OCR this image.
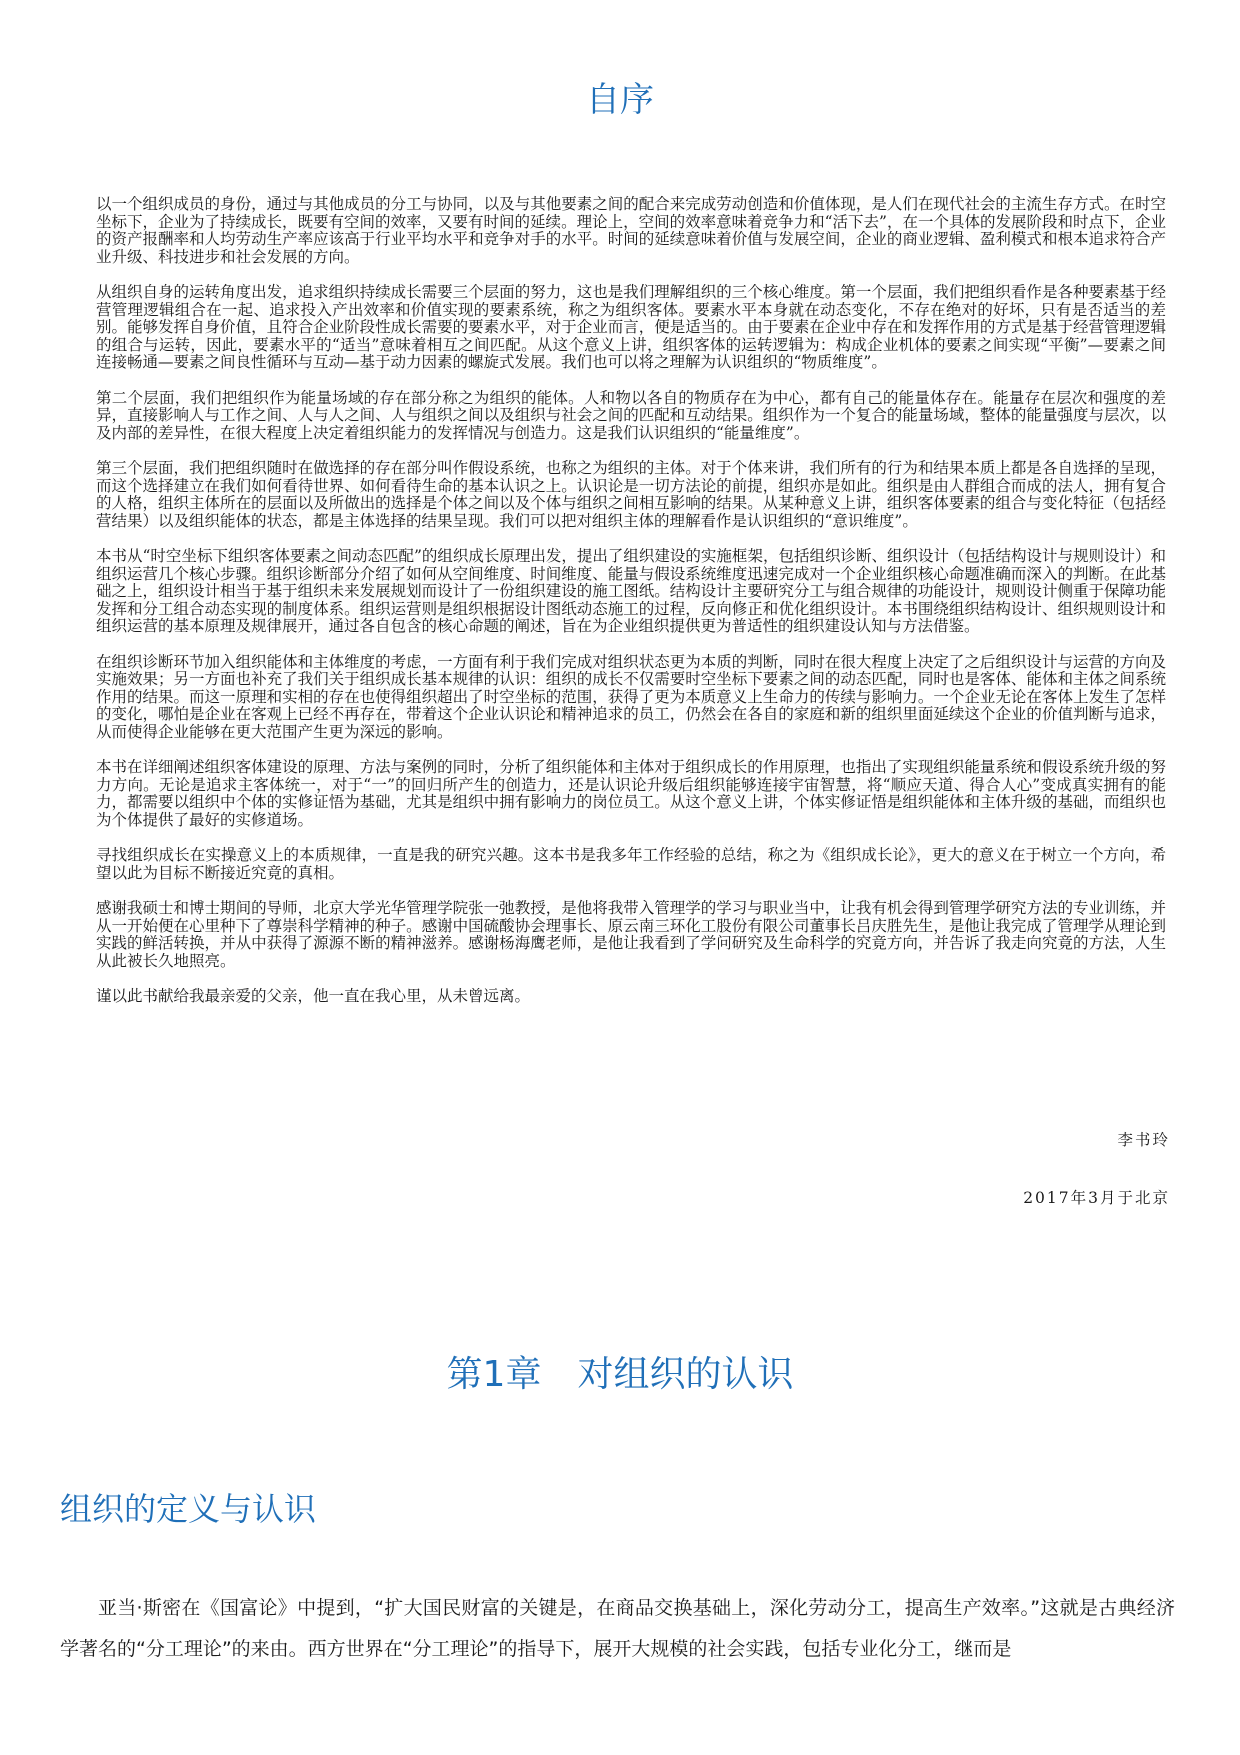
自序

以一个组织成员的身份，通过与其他成员的分工与协同，以及与其他要素之间的配合来完成劳动创造和价值体现，是人们在现代社会的主流生存方式。在时空坐标下，企业为了持续成长，既要有空间的效率，又要有时间的延续。理论上，空间的效率意味着竞争力和“活下去”，在一个具体的发展阶段和时点下，企业的资产报酬率和人均劳动生产率应该高于行业平均水平和竞争对手的水平。时间的延续意味着价值与发展空间，企业的商业逻辑、盈利模式和根本追求符合产业升级、科技进步和社会发展的方向。

从组织自身的运转角度出发，追求组织持续成长需要三个层面的努力，这也是我们理解组织的三个核心维度。第一个层面，我们把组织看作是各种要素基于经营管理逻辑组合在一起、追求投入产出效率和价值实现的要素系统，称之为组织客体。要素水平本身就在动态变化，不存在绝对的好坏，只有是否适当的差别。能够发挥自身价值，且符合企业阶段性成长需要的要素水平，对于企业而言，便是适当的。由于要素在企业中存在和发挥作用的方式是基于经营管理逻辑的组合与运转，因此，要素水平的“适当”意味着相互之间匹配。从这个意义上讲，组织客体的运转逻辑为：构成企业机体的要素之间实现“平衡”—要素之间连接畅通—要素之间良性循环与互动—基于动力因素的螺旋式发展。我们也可以将之理解为认识组织的“物质维度”。

第二个层面，我们把组织作为能量场域的存在部分称之为组织的能体。人和物以各自的物质存在为中心，都有自己的能量体存在。能量存在层次和强度的差异，直接影响人与工作之间、人与人之间、人与组织之间以及组织与社会之间的匹配和互动结果。组织作为一个复合的能量场域，整体的能量强度与层次，以及内部的差异性，在很大程度上决定着组织能力的发挥情况与创造力。这是我们认识组织的“能量维度”。

第三个层面，我们把组织随时在做选择的存在部分叫作假设系统，也称之为组织的主体。对于个体来讲，我们所有的行为和结果本质上都是各自选择的呈现，而这个选择建立在我们如何看待世界、如何看待生命的基本认识之上。认识论是一切方法论的前提，组织亦是如此。组织是由人群组合而成的法人，拥有复合的人格，组织主体所在的层面以及所做出的选择是个体之间以及个体与组织之间相互影响的结果。从某种意义上讲，组织客体要素的组合与变化特征（包括经营结果）以及组织能体的状态，都是主体选择的结果呈现。我们可以把对组织主体的理解看作是认识组织的“意识维度”。

本书从“时空坐标下组织客体要素之间动态匹配”的组织成长原理出发，提出了组织建设的实施框架，包括组织诊断、组织设计（包括结构设计与规则设计）和组织运营几个核心步骤。组织诊断部分介绍了如何从空间维度、时间维度、能量与假设系统维度迅速完成对一个企业组织核心命题准确而深入的判断。在此基础之上，组织设计相当于基于组织未来发展规划而设计了一份组织建设的施工图纸。结构设计主要研究分工与组合规律的功能设计，规则设计侧重于保障功能发挥和分工组合动态实现的制度体系。组织运营则是组织根据设计图纸动态施工的过程，反向修正和优化组织设计。本书围绕组织结构设计、组织规则设计和组织运营的基本原理及规律展开，通过各自包含的核心命题的阐述，旨在为企业组织提供更为普适性的组织建设认知与方法借鉴。

在组织诊断环节加入组织能体和主体维度的考虑，一方面有利于我们完成对组织状态更为本质的判断，同时在很大程度上决定了之后组织设计与运营的方向及实施效果；另一方面也补充了我们关于组织成长基本规律的认识：组织的成长不仅需要时空坐标下要素之间的动态匹配，同时也是客体、能体和主体之间系统作用的结果。而这一原理和实相的存在也使得组织超出了时空坐标的范围，获得了更为本质意义上生命力的传续与影响力。一个企业无论在客体上发生了怎样的变化，哪怕是企业在客观上已经不再存在，带着这个企业认识论和精神追求的员工，仍然会在各自的家庭和新的组织里面延续这个企业的价值判断与追求，从而使得企业能够在更大范围产生更为深远的影响。

本书在详细阐述组织客体建设的原理、方法与案例的同时，分析了组织能体和主体对于组织成长的作用原理，也指出了实现组织能量系统和假设系统升级的努力方向。无论是追求主客体统一，对于“一”的回归所产生的创造力，还是认识论升级后组织能够连接宇宙智慧，将“顺应天道、得合人心”变成真实拥有的能力，都需要以组织中个体的实修证悟为基础，尤其是组织中拥有影响力的岗位员工。从这个意义上讲，个体实修证悟是组织能体和主体升级的基础，而组织也为个体提供了最好的实修道场。

寻找组织成长在实操意义上的本质规律，一直是我的研究兴趣。这本书是我多年工作经验的总结，称之为《组织成长论》，更大的意义在于树立一个方向，希望以此为目标不断接近究竟的真相。

感谢我硕士和博士期间的导师，北京大学光华管理学院张一弛教授，是他将我带入管理学的学习与职业当中，让我有机会得到管理学研究方法的专业训练，并从一开始便在心里种下了尊崇科学精神的种子。感谢中国硫酸协会理事长、原云南三环化工股份有限公司董事长吕庆胜先生，是他让我完成了管理学从理论到实践的鲜活转换，并从中获得了源源不断的精神滋养。感谢杨海鹰老师，是他让我看到了学问研究及生命科学的究竟方向，并告诉了我走向究竟的方法，人生从此被长久地照亮。

谨以此书献给我最亲爱的父亲，他一直在我心里，从未曾远离。

李书玲
2017年3月于北京
第1章　对组织的认识
组织的定义与认识

亚当·斯密在《国富论》中提到，“扩大国民财富的关键是，在商品交换基础上，深化劳动分工，提高生产效率。”这就是古典经济学著名的“分工理论”的来由。西方世界在“分工理论”的指导下，展开大规模的社会实践，包括专业化分工，继而是
